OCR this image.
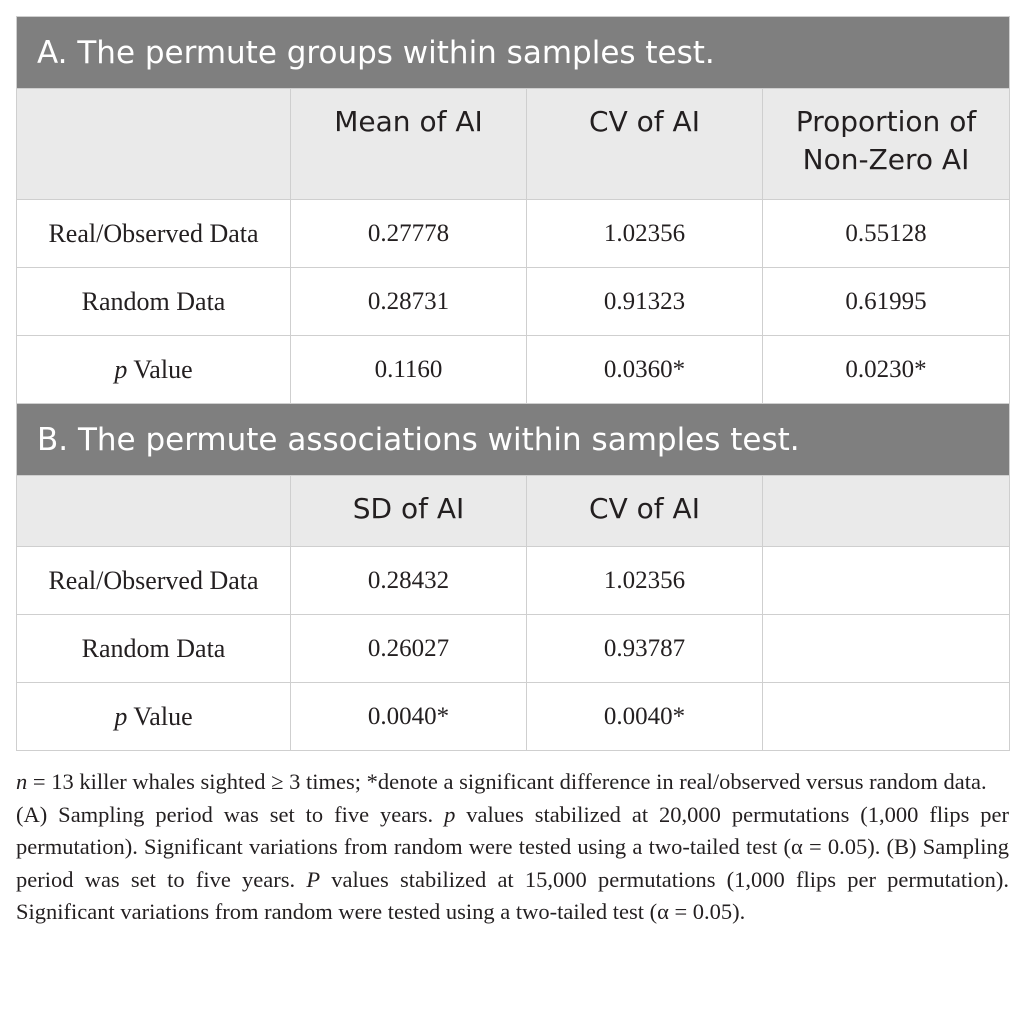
A. The permute groups within samples test.			
	Mean of AI	CV of AI	Proportion of Non-Zero AI
Real/Observed Data	0.27778	1.02356	0.55128
Random Data	0.28731	0.91323	0.61995
p Value	0.1160	0.0360*	0.0230*
B. The permute associations within samples test.			
	SD of AI	CV of AI	
Real/Observed Data	0.28432	1.02356	
Random Data	0.26027	0.93787	
p Value	0.0040*	0.0040*	

n = 13 killer whales sighted ≥ 3 times; *denote a significant difference in real/observed versus random data.

(A) Sampling period was set to five years. p values stabilized at 20,000 permutations (1,000 flips per permutation). Significant variations from random were tested using a two-tailed test (α = 0.05). (B) Sampling period was set to five years. P values stabilized at 15,000 permutations (1,000 flips per permutation). Significant variations from random were tested using a two-tailed test (α = 0.05).
